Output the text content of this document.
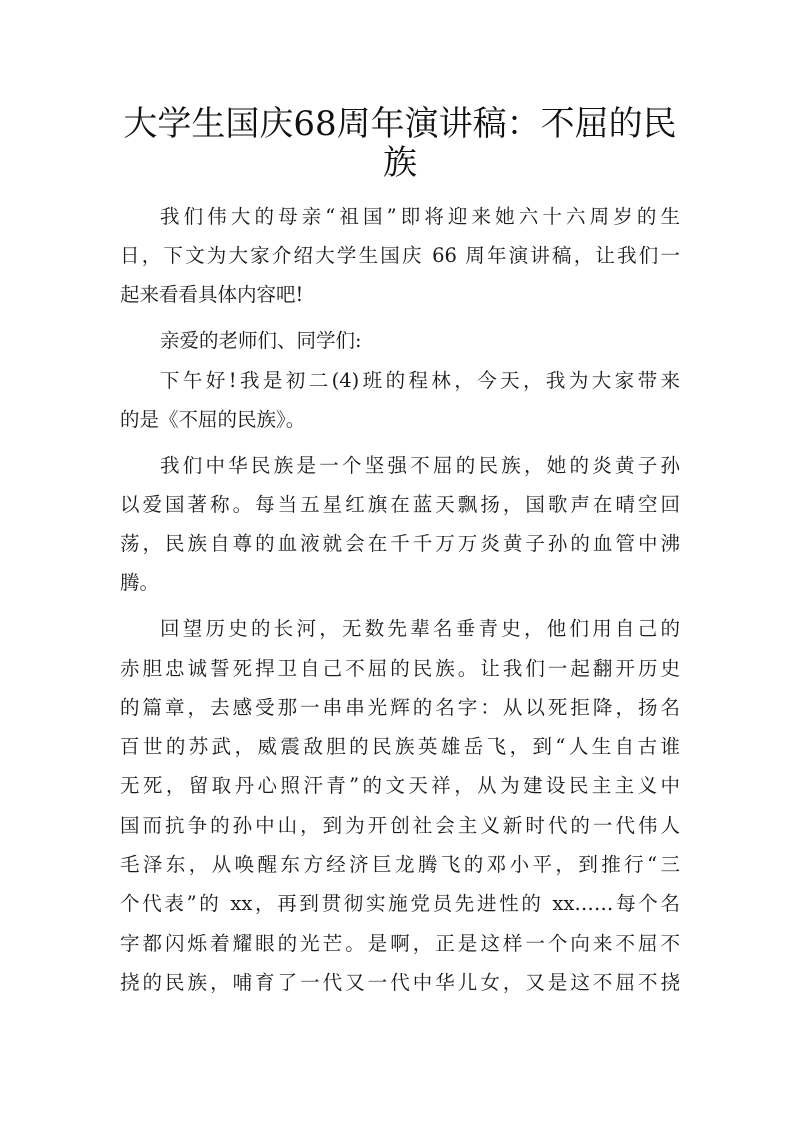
大学生国庆68周年演讲稿：不屈的民
族
我们伟大的母亲“祖国”即将迎来她六十六周岁的生
日，下文为大家介绍大学生国庆 66 周年演讲稿，让我们一
起来看看具体内容吧!
亲爱的老师们、同学们:
下午好!我是初二(4)班的程林，今天，我为大家带来
的是《不屈的民族》。
我们中华民族是一个坚强不屈的民族，她的炎黄子孙
以爱国著称。每当五星红旗在蓝天飘扬，国歌声在晴空回
荡，民族自尊的血液就会在千千万万炎黄子孙的血管中沸
腾。
回望历史的长河，无数先辈名垂青史，他们用自己的
赤胆忠诚誓死捍卫自己不屈的民族。让我们一起翻开历史
的篇章，去感受那一串串光辉的名字：从以死拒降，扬名
百世的苏武，威震敌胆的民族英雄岳飞，到“人生自古谁
无死，留取丹心照汗青”的文天祥，从为建设民主主义中
国而抗争的孙中山，到为开创社会主义新时代的一代伟人
毛泽东，从唤醒东方经济巨龙腾飞的邓小平，到推行“三
个代表”的 xx，再到贯彻实施党员先进性的 xx……每个名
字都闪烁着耀眼的光芒。是啊，正是这样一个向来不屈不
挠的民族，哺育了一代又一代中华儿女，又是这不屈不挠
